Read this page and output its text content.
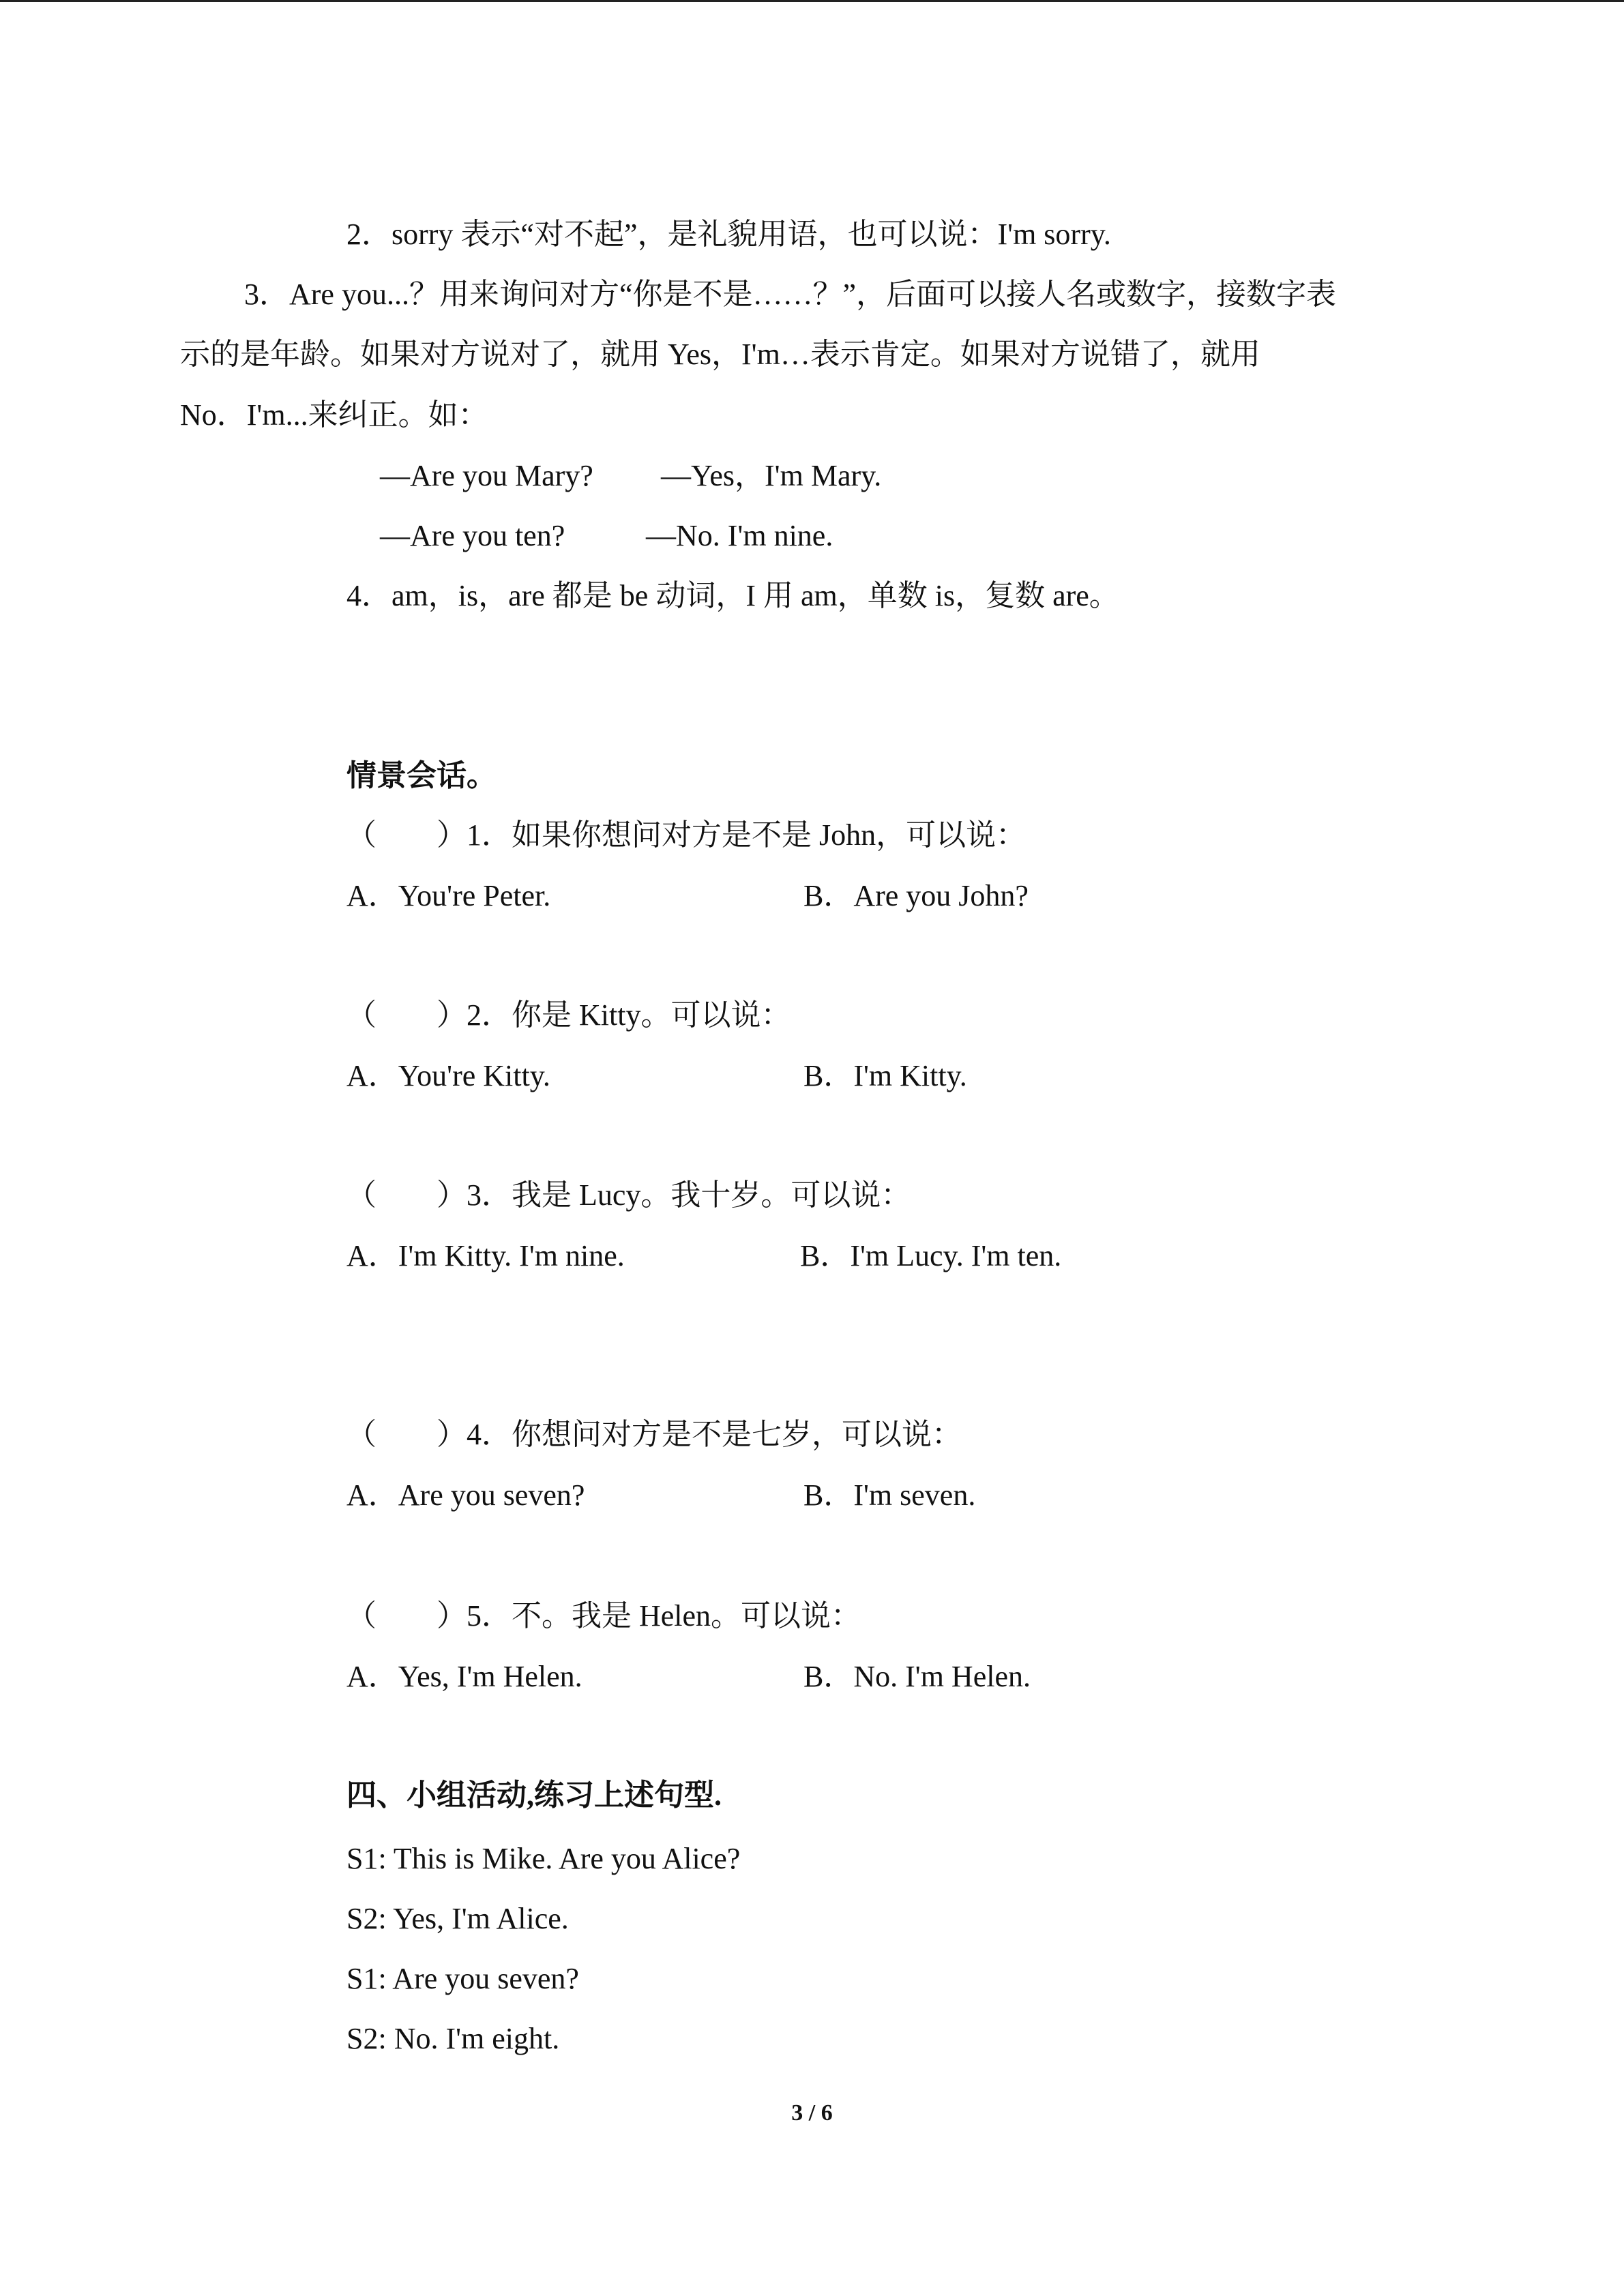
2．sorry 表示“对不起”，是礼貌用语，也可以说：I'm sorry.
3．Are you...？用来询问对方“你是不是……？”，后面可以接人名或数字，接数字表
示的是年龄。如果对方说对了，就用 Yes，I'm…表示肯定。如果对方说错了，就用
No．I'm...来纠正。如：
—Are you Mary? —Yes，I'm Mary.
—Are you ten?	—No. I'm nine.
4．am，is，are 都是 be 动词，I 用 am，单数 is，复数 are。
情景会话。
（　　）1．如果你想问对方是不是 John，可以说：
A．You're Peter.	B．Are you John?
（　　）2．你是 Kitty。可以说：
A．You're Kitty.	B．I'm Kitty.
（　　）3．我是 Lucy。我十岁。可以说：
A．I'm Kitty. I'm nine.	B．I'm Lucy. I'm ten.
（　　）4．你想问对方是不是七岁，可以说：
A．Are you seven?	B．I'm seven.
（　　）5．不。我是 Helen。可以说：
A．Yes, I'm Helen.	B．No. I'm Helen.
四、小组活动,练习上述句型.
S1: This is Mike. Are you Alice?
S2: Yes, I'm Alice.
S1: Are you seven?
S2: No. I'm eight.
3 / 6
